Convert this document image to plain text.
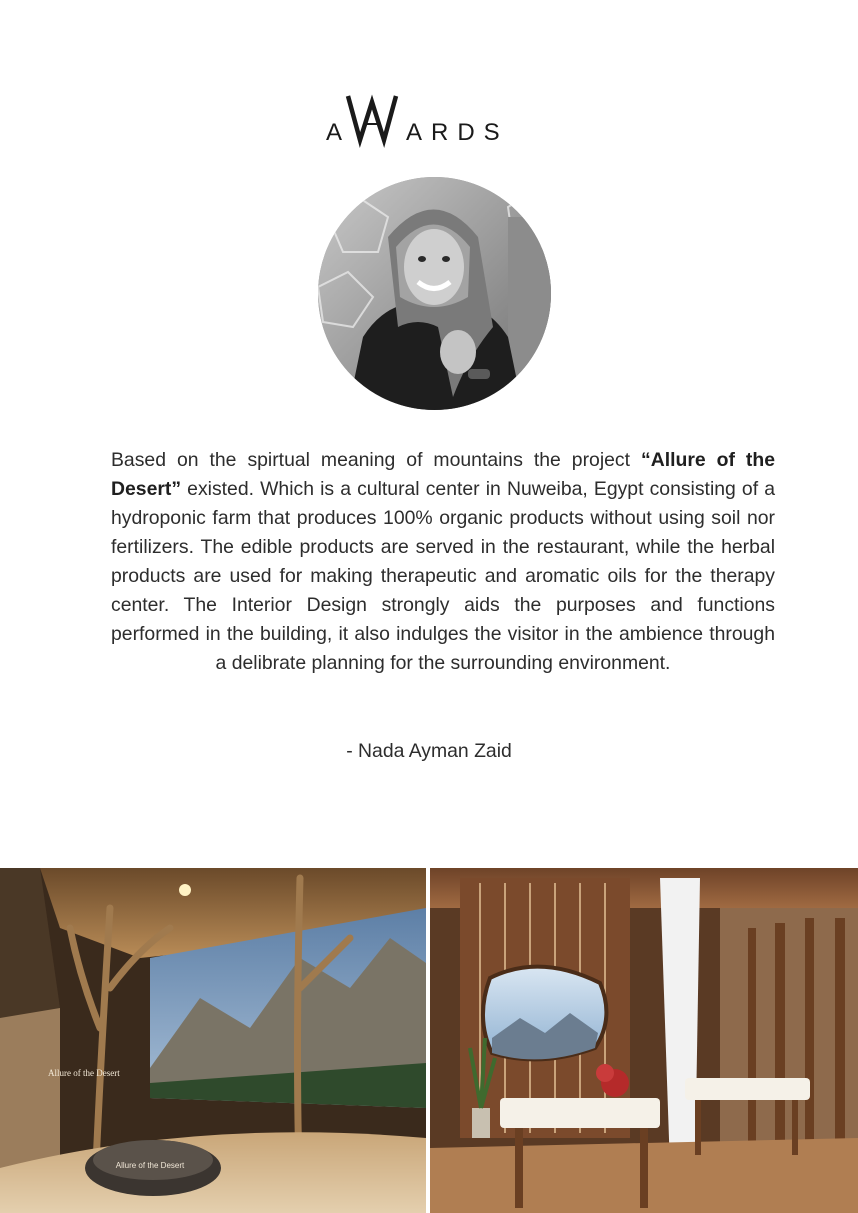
A	ARDS
Based on the spirtual meaning of mountains the project “Allure of the Desert” existed. Which is a cultural center in Nuweiba, Egypt consisting of a hydroponic farm that produces 100% organic products without using soil nor fertilizers. The edible products are served in the restaurant, while the herbal products are used for making therapeutic and aromatic oils for the therapy center. The Interior Design strongly aids the purposes and functions performed in the building, it also indulges the visitor in the ambience through a delibrate planning for the surrounding environment.
- Nada Ayman Zaid
Allure of the Desert
Allure of the Desert
